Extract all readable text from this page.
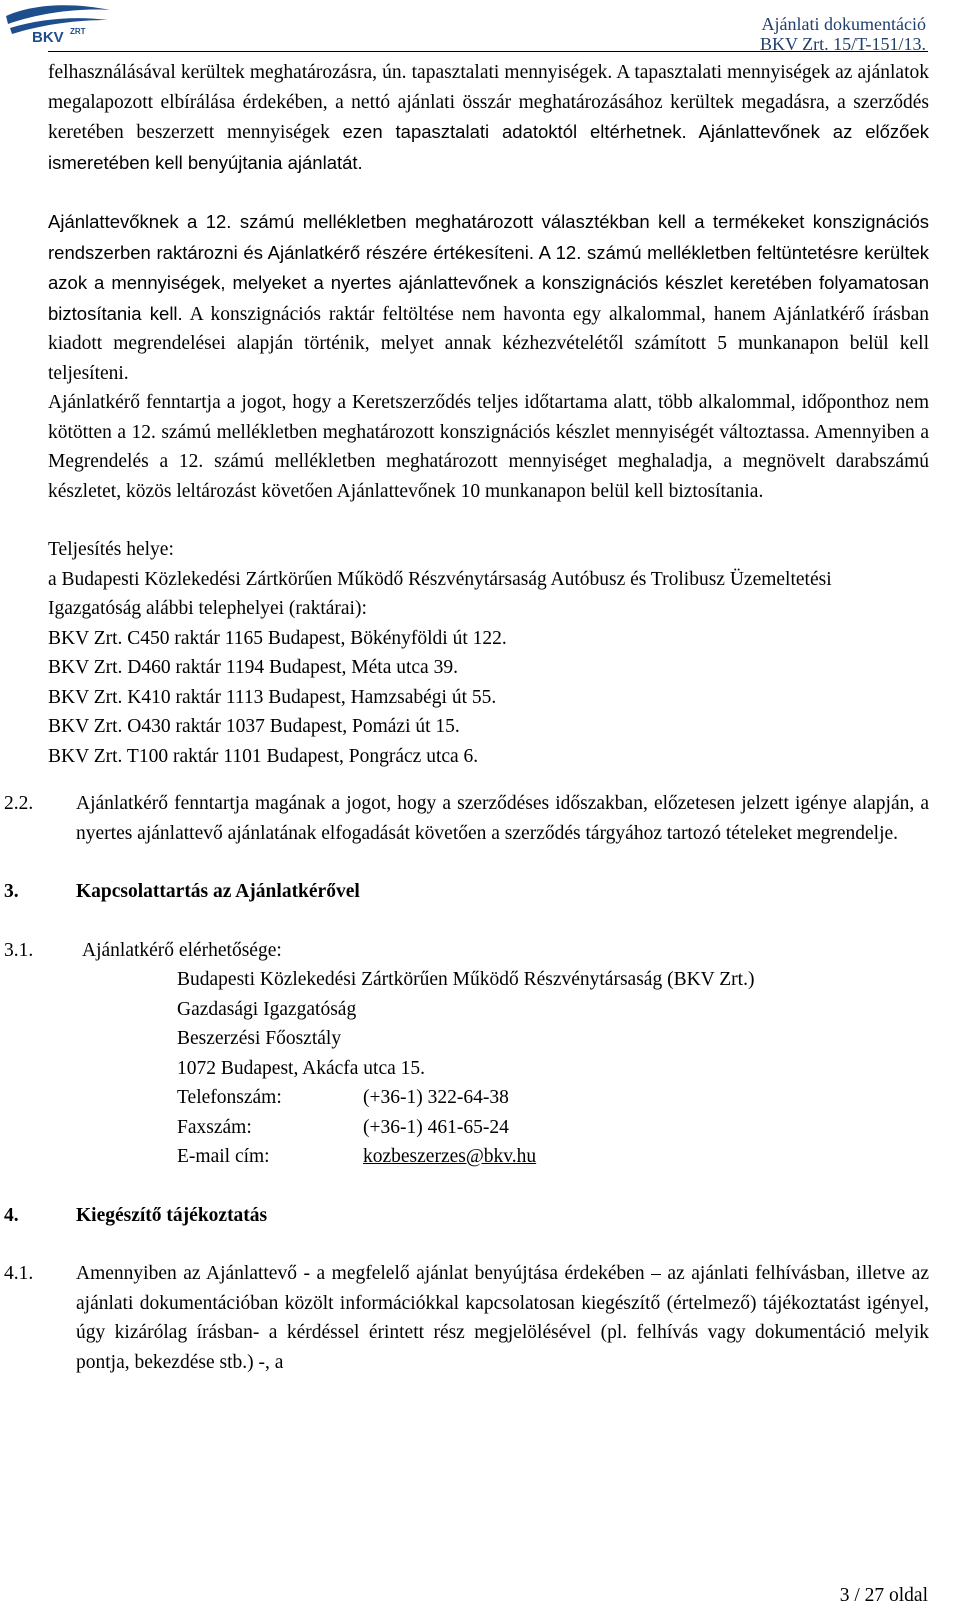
BKV ZRT	Ajánlati dokumentáció
BKV Zrt. 15/T-151/13.

felhasználásával kerültek meghatározásra, ún. tapasztalati mennyiségek. A tapasztalati mennyiségek az ajánlatok megalapozott elbírálása érdekében, a nettó ajánlati összár meghatározásához kerültek megadásra, a szerződés keretében beszerzett mennyiségek ezen tapasztalati adatoktól eltérhetnek. Ajánlattevőnek az előzőek ismeretében kell benyújtania ajánlatát.

Ajánlattevőknek a 12. számú mellékletben meghatározott választékban kell a termékeket konszignációs rendszerben raktározni és Ajánlatkérő részére értékesíteni. A 12. számú mellékletben feltüntetésre kerültek azok a mennyiségek, melyeket a nyertes ajánlattevőnek a konszignációs készlet keretében folyamatosan biztosítania kell. A konszignációs raktár feltöltése nem havonta egy alkalommal, hanem Ajánlatkérő írásban kiadott megrendelései alapján történik, melyet annak kézhezvételétől számított 5 munkanapon belül kell teljesíteni.

Ajánlatkérő fenntartja a jogot, hogy a Keretszerződés teljes időtartama alatt, több alkalommal, időponthoz nem kötötten a 12. számú mellékletben meghatározott konszignációs készlet mennyiségét változtassa. Amennyiben a Megrendelés a 12. számú mellékletben meghatározott mennyiséget meghaladja, a megnövelt darabszámú készletet, közös leltározást követően Ajánlattevőnek 10 munkanapon belül kell biztosítania.

Teljesítés helye:

a Budapesti Közlekedési Zártkörűen Működő Részvénytársaság Autóbusz és Trolibusz Üzemeltetési Igazgatóság alábbi telephelyei (raktárai):

BKV Zrt. C450 raktár 1165 Budapest, Bökényföldi út 122.

BKV Zrt. D460 raktár 1194 Budapest, Méta utca 39.

BKV Zrt. K410 raktár 1113 Budapest, Hamzsabégi út 55.

BKV Zrt. O430 raktár 1037 Budapest, Pomázi út 15.

BKV Zrt. T100 raktár 1101 Budapest, Pongrácz utca 6.

2.2. Ajánlatkérő fenntartja magának a jogot, hogy a szerződéses időszakban, előzetesen jelzett igénye alapján, a nyertes ajánlattevő ajánlatának elfogadását követően a szerződés tárgyához tartozó tételeket megrendelje.

3.	Kapcsolattartás az Ajánlatkérővel

3.1.	Ajánlatkérő elérhetősége:

Budapesti Közlekedési Zártkörűen Működő Részvénytársaság (BKV Zrt.)

Gazdasági Igazgatóság

Beszerzési Főosztály

1072 Budapest, Akácfa utca 15.

Telefonszám:	(+36-1) 322-64-38

Faxszám:	(+36-1) 461-65-24

E-mail cím:	kozbeszerzes@bkv.hu

4.	Kiegészítő tájékoztatás

4.1. Amennyiben az Ajánlattevő - a megfelelő ajánlat benyújtása érdekében – az ajánlati felhívásban, illetve az ajánlati dokumentációban közölt információkkal kapcsolatosan kiegészítő (értelmező) tájékoztatást igényel, úgy kizárólag írásban- a kérdéssel érintett rész megjelölésével (pl. felhívás vagy dokumentáció melyik pontja, bekezdése stb.) -, a

3 / 27 oldal
